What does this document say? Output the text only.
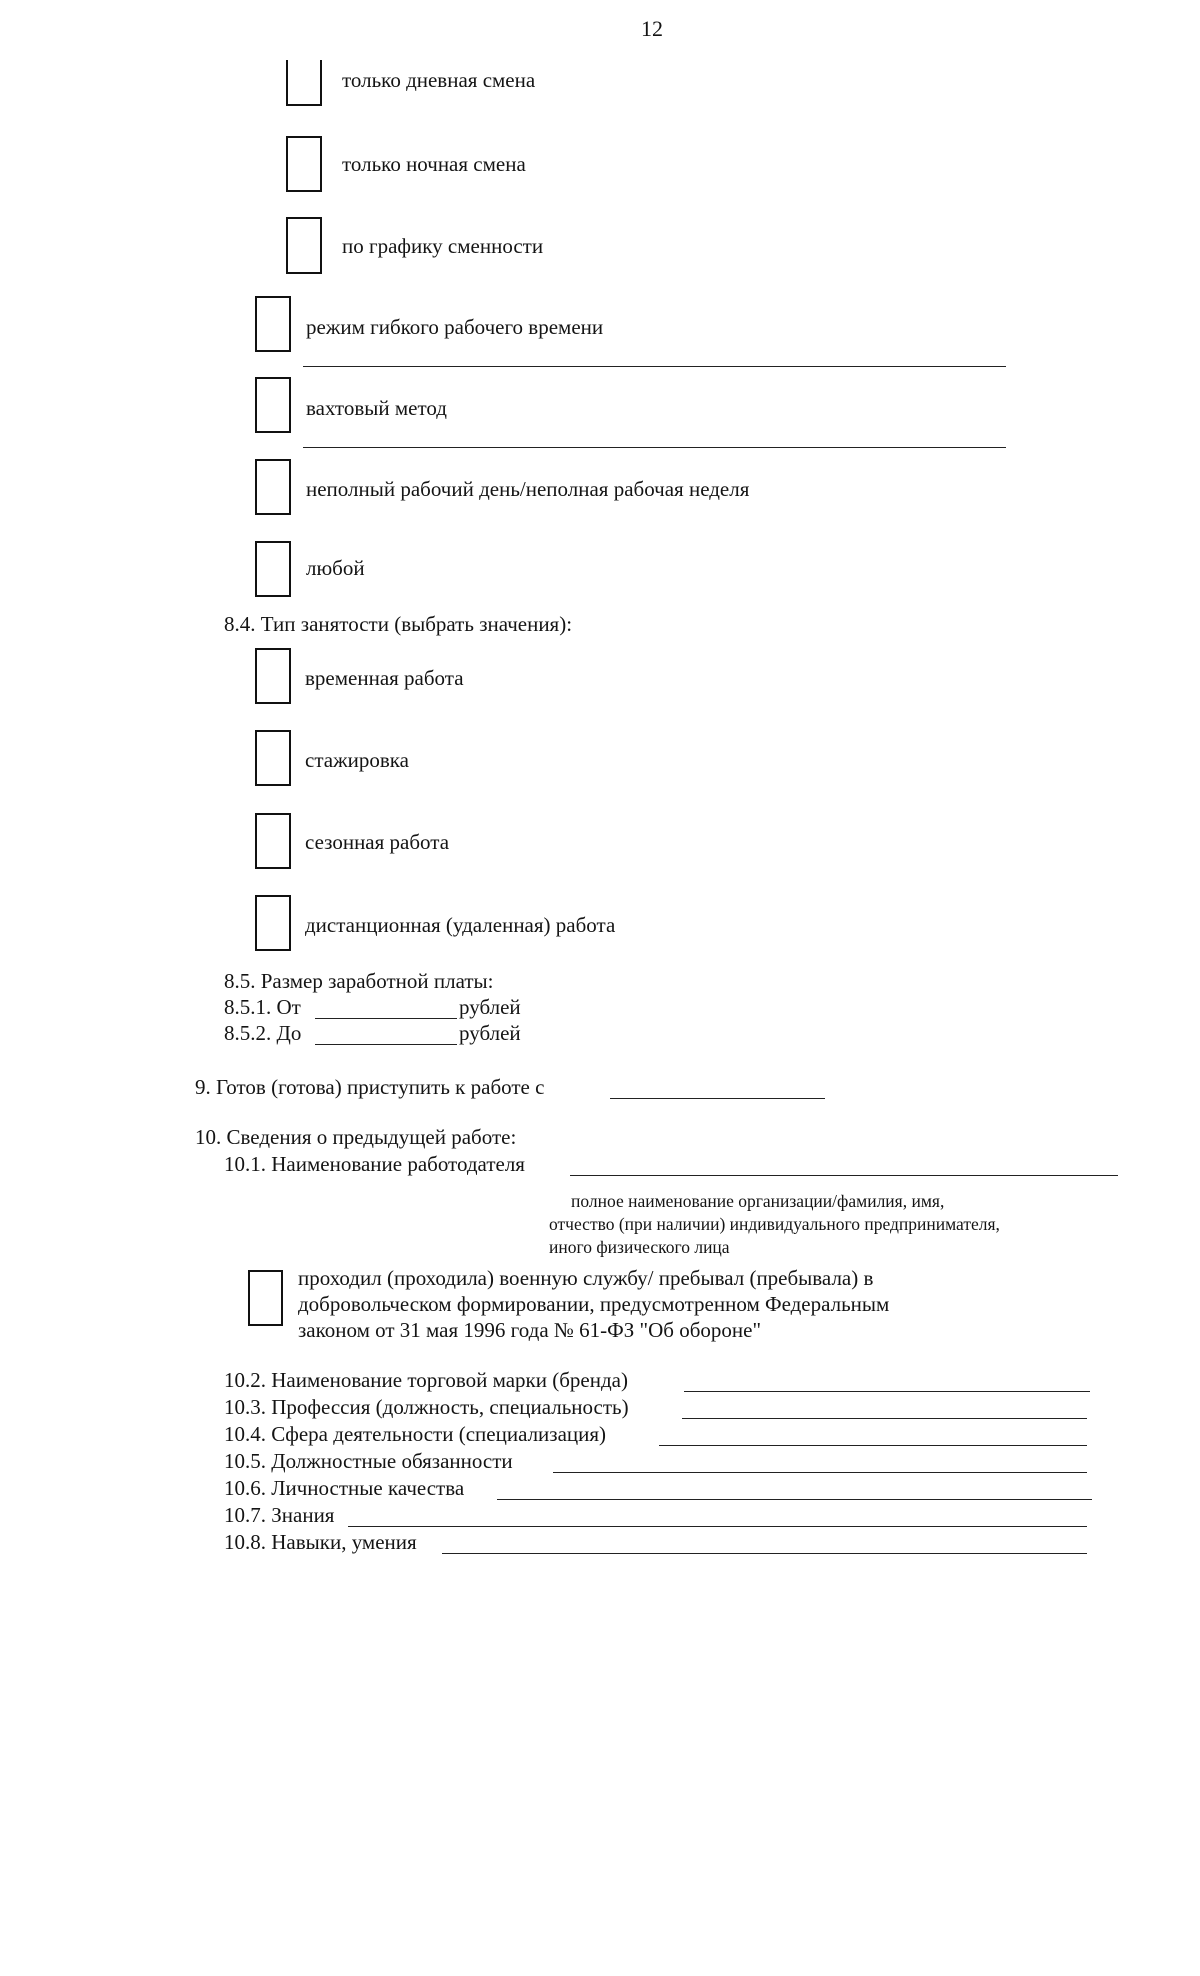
12
только дневная смена
только ночная смена
по графику сменности
режим гибкого рабочего времени
вахтовый метод
неполный рабочий день/неполная рабочая неделя
любой
8.4. Тип занятости (выбрать значения):
временная работа
стажировка
сезонная работа
дистанционная (удаленная) работа
8.5. Размер заработной платы:
8.5.1. От	рублей
8.5.2. До	рублей
9. Готов (готова) приступить к работе с
10. Сведения о предыдущей работе:
10.1. Наименование работодателя
полное наименование организации/фамилия, имя,
отчество (при наличии) индивидуального предпринимателя,
иного физического лица
проходил (проходила) военную службу/ пребывал (пребывала) в
добровольческом формировании, предусмотренном Федеральным
законом от 31 мая 1996 года № 61-ФЗ "Об обороне"
10.2. Наименование торговой марки (бренда)
10.3. Профессия (должность, специальность)
10.4. Сфера деятельности (специализация)
10.5. Должностные обязанности
10.6. Личностные качества
10.7. Знания
10.8. Навыки, умения
